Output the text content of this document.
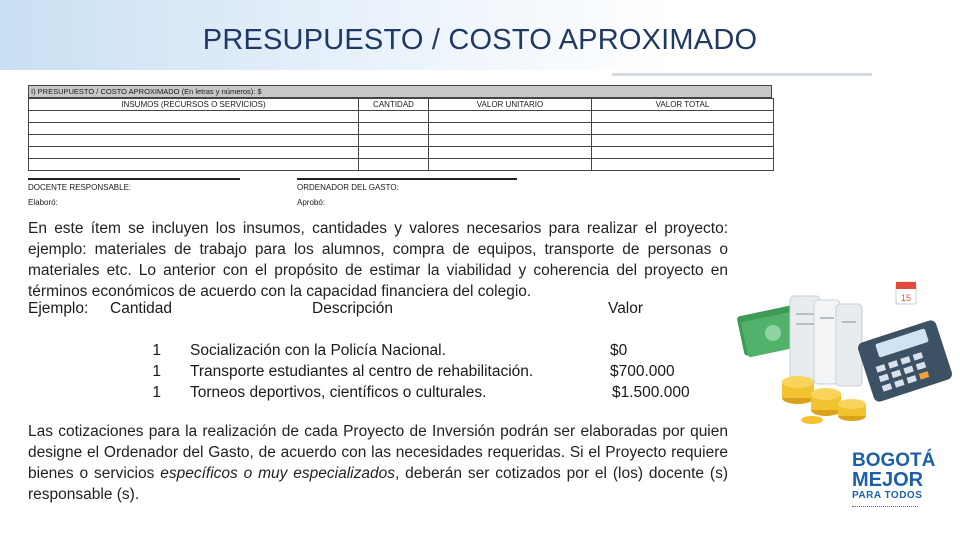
PRESUPUESTO / COSTO APROXIMADO
I) PRESUPUESTO / COSTO APROXIMADO (En letras y números): $
INSUMOS (RECURSOS O SERVICIOS)	CANTIDAD	VALOR UNITARIO	VALOR TOTAL

DOCENTE RESPONSABLE:	ORDENADOR DEL GASTO:
Elaboró:	Aprobó:
En este ítem se incluyen los insumos, cantidades y valores necesarios para realizar el proyecto: ejemplo: materiales de trabajo para los alumnos, compra de equipos, transporte de personas o materiales etc. Lo anterior con el propósito de estimar la viabilidad y coherencia del proyecto en términos económicos de acuerdo con la capacidad financiera del colegio.
Ejemplo: Cantidad	Descripción	Valor
1 Socialización con la Policía Nacional.	$0
1 Transporte estudiantes al centro de rehabilitación.	$700.000
1 Torneos deportivos, científicos o culturales.	$1.500.000
Las cotizaciones para la realización de cada Proyecto de Inversión podrán ser elaboradas por quien designe el Ordenador del Gasto, de acuerdo con las necesidades requeridas. Si el Proyecto requiere bienes o servicios específicos o muy especializados, deberán ser cotizados por el (los) docente (s) responsable (s).
15
BOGOTÁ
MEJOR
PARA TODOS
